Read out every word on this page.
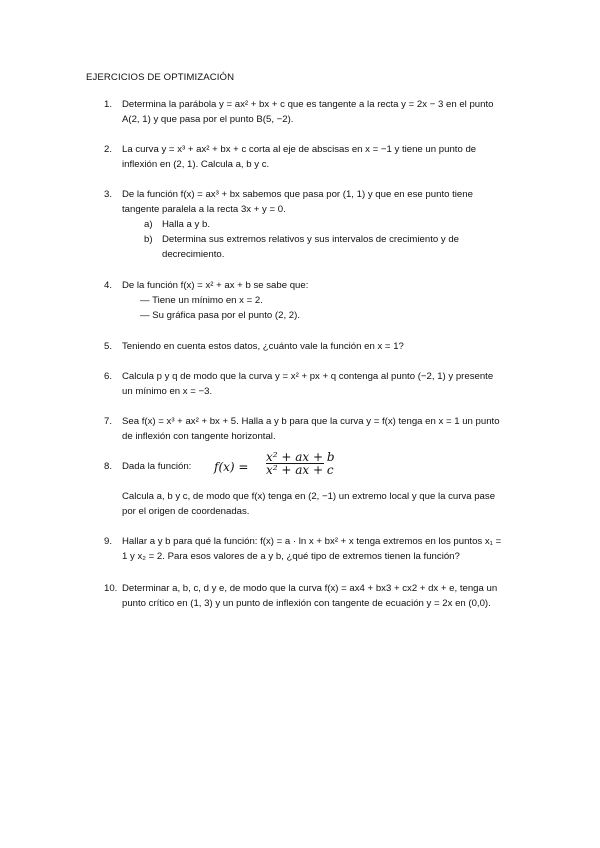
EJERCICIOS DE OPTIMIZACIÓN
1.	Determina la parábola y = ax² + bx + c que es tangente a la recta y = 2x − 3 en el punto

A(2, 1) y que pasa por el punto B(5, −2).

2.	La curva y = x³ + ax² + bx + c corta al eje de abscisas en x = −1 y tiene un punto de

inflexión en (2, 1). Calcula a, b y c.

3.	De la función f(x) = ax³ + bx sabemos que pasa por (1, 1) y que en ese punto tiene

tangente paralela a la recta 3x + y = 0.

a) Halla a y b.
b) Determina sus extremos relativos y sus intervalos de crecimiento y de
decrecimiento.
4.	De la función f(x) = x² + ax + b se sabe que:

— Tiene un mínimo en x = 2.
— Su gráfica pasa por el punto (2, 2).
5.	Teniendo en cuenta estos datos, ¿cuánto vale la función en x = 1?

6.	Calcula p y q de modo que la curva y = x² + px + q contenga al punto (−2, 1) y presente

un mínimo en x = −3.

7.	Sea f(x) = x³ + ax² + bx + 5. Halla a y b para que la curva y = f(x) tenga en x = 1 un punto

de inflexión con tangente horizontal.

8.	Dada la función:	$f(x) = \frac{\text{x² + ax + b}}{\text{x² + ax + c}}$

Calcula a, b y c, de modo que f(x) tenga en (2, −1) un extremo local y que la curva pase

por el origen de coordenadas.

9.	Hallar a y b para qué la función: f(x) = a · ln x + bx² + x tenga extremos en los puntos x₁ =

1 y x₂ = 2. Para esos valores de a y b, ¿qué tipo de extremos tienen la función?

10. Determinar a, b, c, d y e, de modo que la curva f(x) = ax4 + bx3 + cx2 + dx + e, tenga un

punto crítico en (1, 3) y un punto de inflexión con tangente de ecuación y = 2x en (0,0).
